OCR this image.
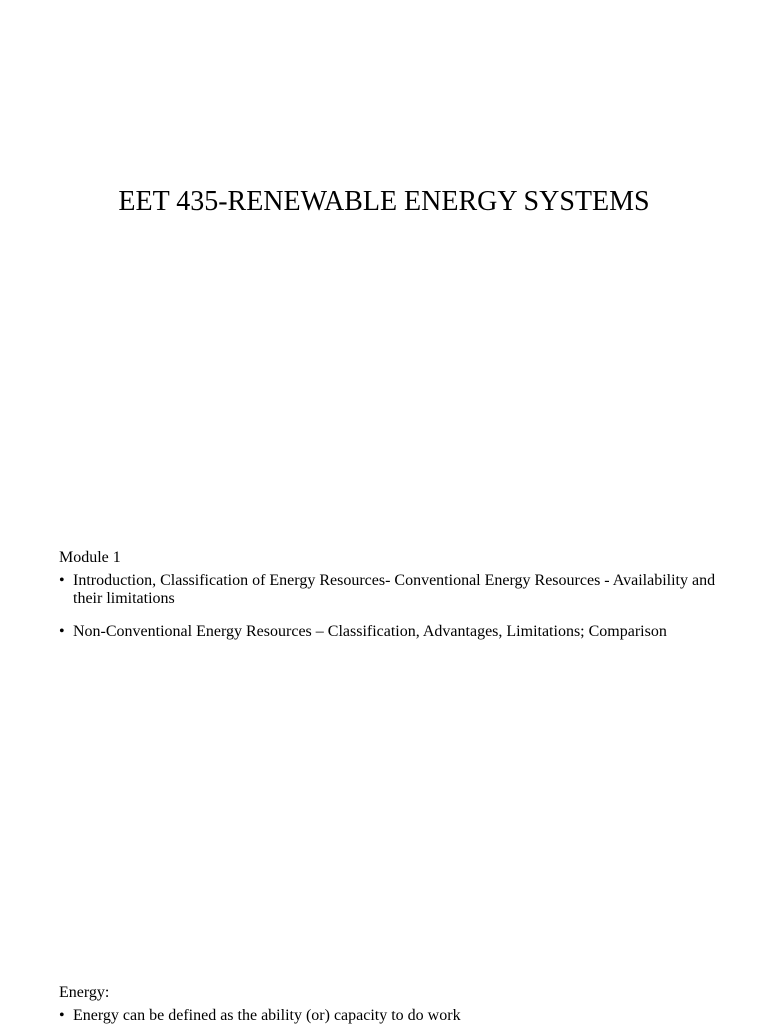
EET 435-RENEWABLE ENERGY SYSTEMS

Module 1

• Introduction, Classification of Energy Resources- Conventional Energy Resources - Availability and their limitations
• Non-Conventional Energy Resources – Classification, Advantages, Limitations; Comparison

Energy:

• Energy can be defined as the ability (or) capacity to do work
